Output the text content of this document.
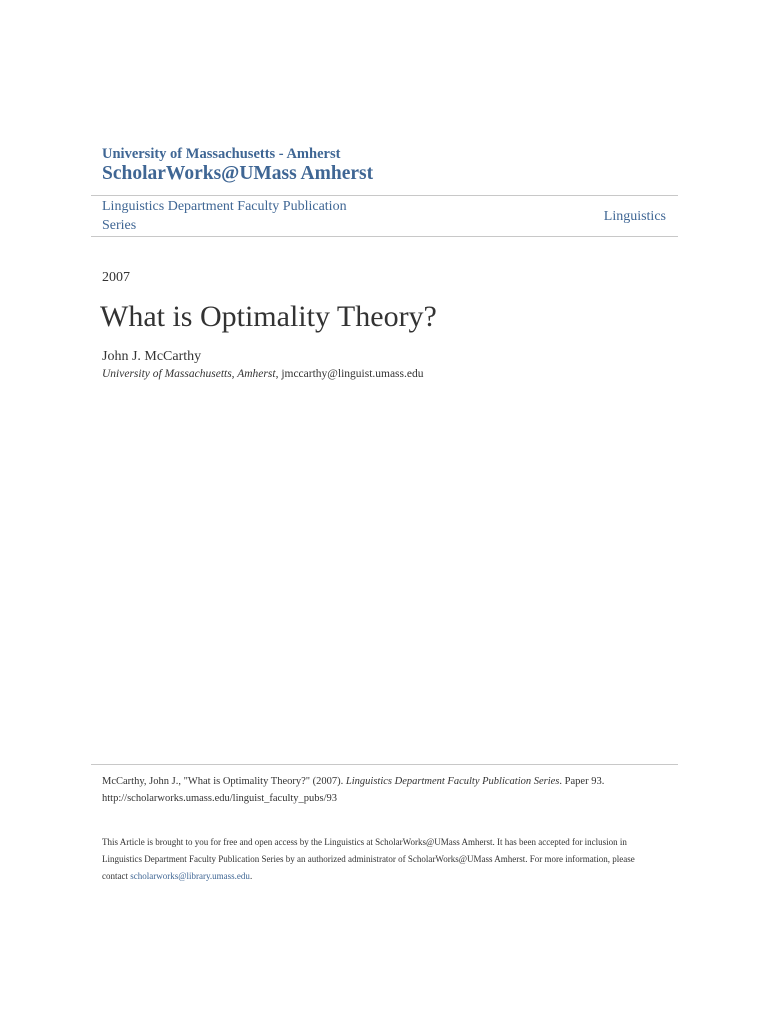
University of Massachusetts - Amherst
ScholarWorks@UMass Amherst
Linguistics Department Faculty Publication
Series
Linguistics
2007
What is Optimality Theory?
John J. McCarthy
University of Massachusetts, Amherst, jmccarthy@linguist.umass.edu
McCarthy, John J., "What is Optimality Theory?" (2007). Linguistics Department Faculty Publication Series. Paper 93.
http://scholarworks.umass.edu/linguist_faculty_pubs/93
This Article is brought to you for free and open access by the Linguistics at ScholarWorks@UMass Amherst. It has been accepted for inclusion in
Linguistics Department Faculty Publication Series by an authorized administrator of ScholarWorks@UMass Amherst. For more information, please
contact scholarworks@library.umass.edu.
